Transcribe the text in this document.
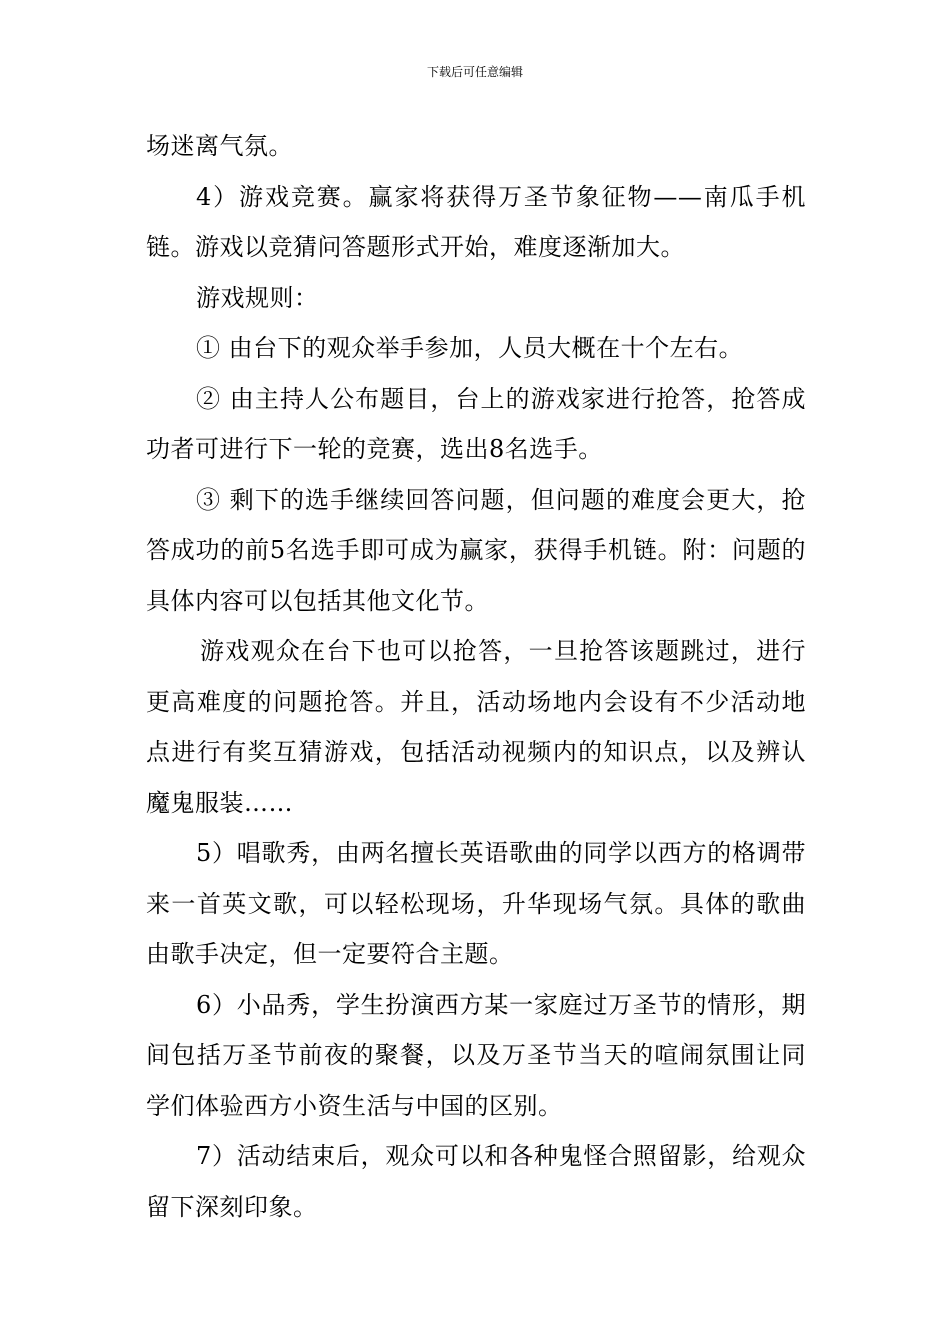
下载后可任意编辑

场迷离气氛。

4）游戏竞赛。赢家将获得万圣节象征物——南瓜手机链。游戏以竞猜问答题形式开始，难度逐渐加大。

游戏规则：

① 由台下的观众举手参加，人员大概在十个左右。

② 由主持人公布题目，台上的游戏家进行抢答，抢答成功者可进行下一轮的竞赛，选出8名选手。

③ 剩下的选手继续回答问题，但问题的难度会更大，抢答成功的前5名选手即可成为赢家，获得手机链。附：问题的具体内容可以包括其他文化节。

游戏观众在台下也可以抢答，一旦抢答该题跳过，进行更高难度的问题抢答。并且，活动场地内会设有不少活动地点进行有奖互猜游戏，包括活动视频内的知识点，以及辨认魔鬼服装……

5）唱歌秀，由两名擅长英语歌曲的同学以西方的格调带来一首英文歌，可以轻松现场，升华现场气氛。具体的歌曲由歌手决定，但一定要符合主题。

6）小品秀，学生扮演西方某一家庭过万圣节的情形，期间包括万圣节前夜的聚餐，以及万圣节当天的喧闹氛围让同学们体验西方小资生活与中国的区别。

7）活动结束后，观众可以和各种鬼怪合照留影，给观众留下深刻印象。
